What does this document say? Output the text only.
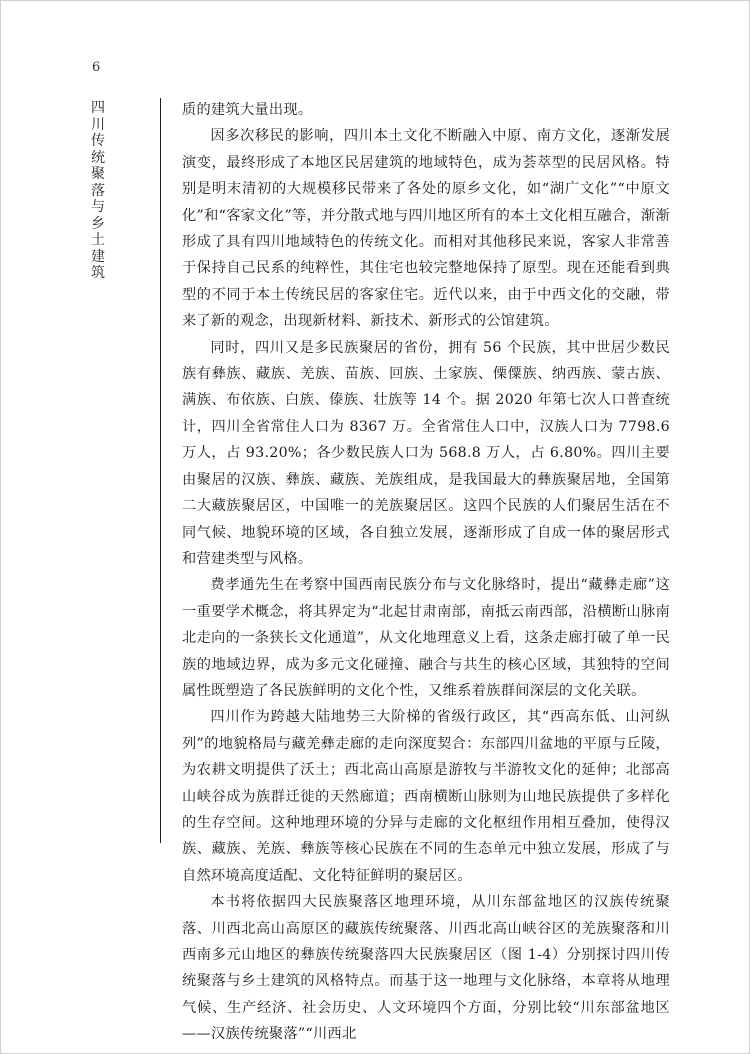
6
四川传统聚落与乡土建筑

质的建筑大量出现。

因多次移民的影响，四川本土文化不断融入中原、南方文化，逐渐发展演变，最终形成了本地区民居建筑的地域特色，成为荟萃型的民居风格。特别是明末清初的大规模移民带来了各处的原乡文化，如“湖广文化”“中原文化”和“客家文化”等，并分散式地与四川地区所有的本土文化相互融合，渐渐形成了具有四川地域特色的传统文化。而相对其他移民来说，客家人非常善于保持自己民系的纯粹性，其住宅也较完整地保持了原型。现在还能看到典型的不同于本土传统民居的客家住宅。近代以来，由于中西文化的交融，带来了新的观念，出现新材料、新技术、新形式的公馆建筑。

同时，四川又是多民族聚居的省份，拥有 56 个民族，其中世居少数民族有彝族、藏族、羌族、苗族、回族、土家族、傈僳族、纳西族、蒙古族、满族、布依族、白族、傣族、壮族等 14 个。据 2020 年第七次人口普查统计，四川全省常住人口为 8367 万。全省常住人口中，汉族人口为 7798.6 万人，占 93.20%；各少数民族人口为 568.8 万人，占 6.80%。四川主要由聚居的汉族、彝族、藏族、羌族组成，是我国最大的彝族聚居地，全国第二大藏族聚居区，中国唯一的羌族聚居区。这四个民族的人们聚居生活在不同气候、地貌环境的区域，各自独立发展，逐渐形成了自成一体的聚居形式和营建类型与风格。

费孝通先生在考察中国西南民族分布与文化脉络时，提出“藏彝走廊”这一重要学术概念，将其界定为“北起甘肃南部，南抵云南西部，沿横断山脉南北走向的一条狭长文化通道”，从文化地理意义上看，这条走廊打破了单一民族的地域边界，成为多元文化碰撞、融合与共生的核心区域，其独特的空间属性既塑造了各民族鲜明的文化个性，又维系着族群间深层的文化关联。

四川作为跨越大陆地势三大阶梯的省级行政区，其“西高东低、山河纵列”的地貌格局与藏羌彝走廊的走向深度契合：东部四川盆地的平原与丘陵，为农耕文明提供了沃土；西北高山高原是游牧与半游牧文化的延伸；北部高山峡谷成为族群迁徙的天然廊道；西南横断山脉则为山地民族提供了多样化的生存空间。这种地理环境的分异与走廊的文化枢纽作用相互叠加，使得汉族、藏族、羌族、彝族等核心民族在不同的生态单元中独立发展，形成了与自然环境高度适配、文化特征鲜明的聚居区。

本书将依据四大民族聚落区地理环境，从川东部盆地区的汉族传统聚落、川西北高山高原区的藏族传统聚落、川西北高山峡谷区的羌族聚落和川西南多元山地区的彝族传统聚落四大民族聚居区（图 1-4）分别探讨四川传统聚落与乡土建筑的风格特点。而基于这一地理与文化脉络，本章将从地理气候、生产经济、社会历史、人文环境四个方面，分别比较“川东部盆地区——汉族传统聚落”“川西北
